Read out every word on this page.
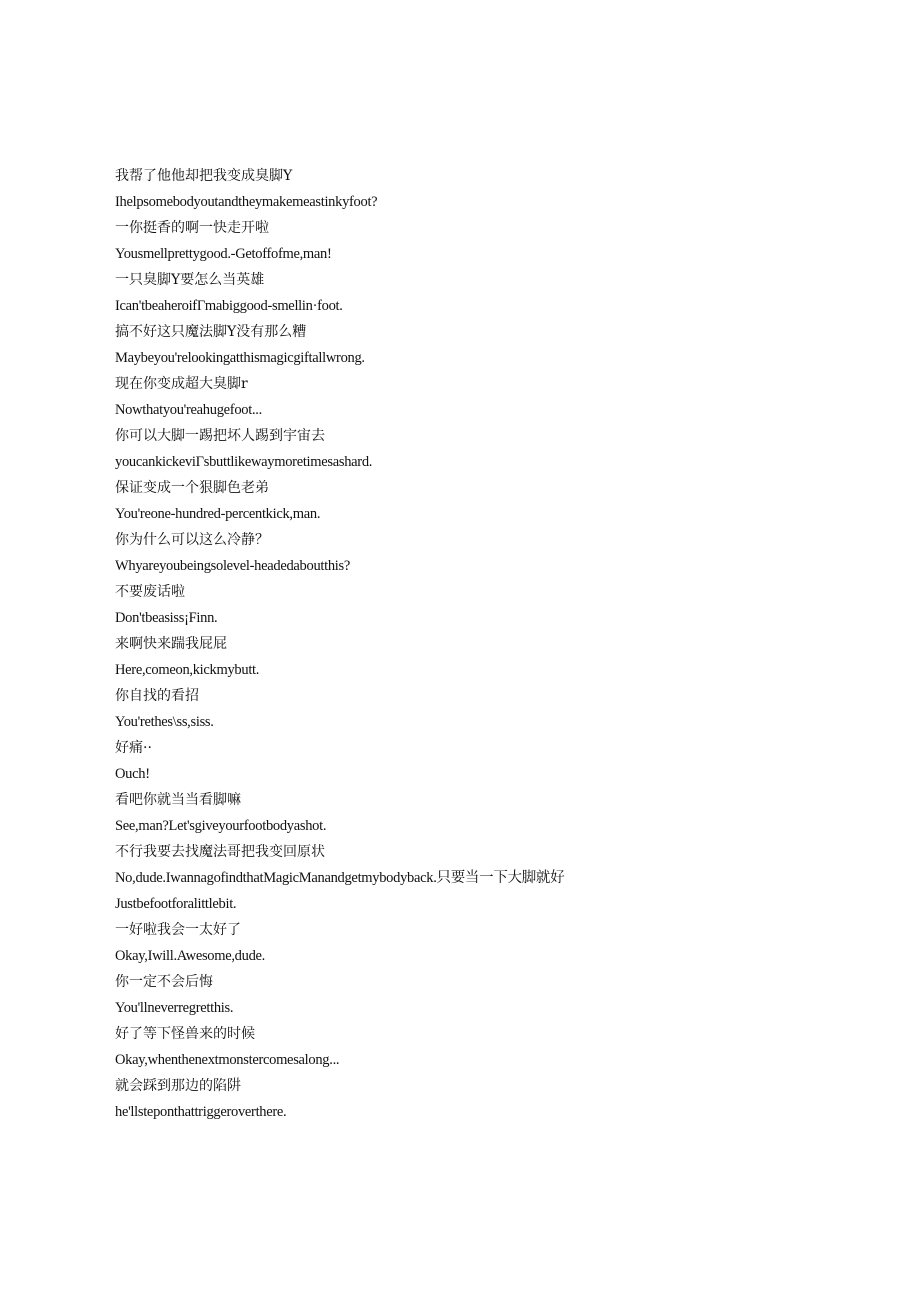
我帮了他他却把我变成臭脚Y
Ihelpsomebodyoutandtheymakemeastinkyfoot?
一你挺香的啊一快走开啦
Yousmellprettygood.-Getoffofme,man!
一只臭脚Y要怎么当英雄
Ican'tbeaheroifΓmabiggood-smellin·foot.
搞不好这只魔法脚Y没有那么糟
Maybeyou'relookingatthismagicgiftallwrong.
现在你变成超大臭脚r
Nowthatyou'reahugefoot...
你可以大脚一踢把坏人踢到宇宙去
youcankickeviΓsbuttlikewaymoretimesashard.
保证变成一个狠脚色老弟
You'reone-hundred-percentkick,man.
你为什么可以这么冷静？
Whyareyoubeingsolevel-headedaboutthis?
不要废话啦
Don'tbeasiss¡Finn.
来啊快来踹我屁屁
Here,comeon,kickmybutt.
你自找的看招
You'rethes\ss,siss.
好痛··
Ouch!
看吧你就当当看脚嘛
See,man?Let'sgiveyourfootbodyashot.
不行我要去找魔法哥把我变回原状
No,dude.IwannagofindthatMagicManandgetmybodyback.只要当一下大脚就好
Justbefootforalittlebit.
一好啦我会一太好了
Okay,Iwill.Awesome,dude.
你一定不会后悔
You'llneverregretthis.
好了等下怪兽来的时候
Okay,whenthenextmonstercomesalong...
就会踩到那边的陷阱
he'llsteponthattriggeroverthere.
